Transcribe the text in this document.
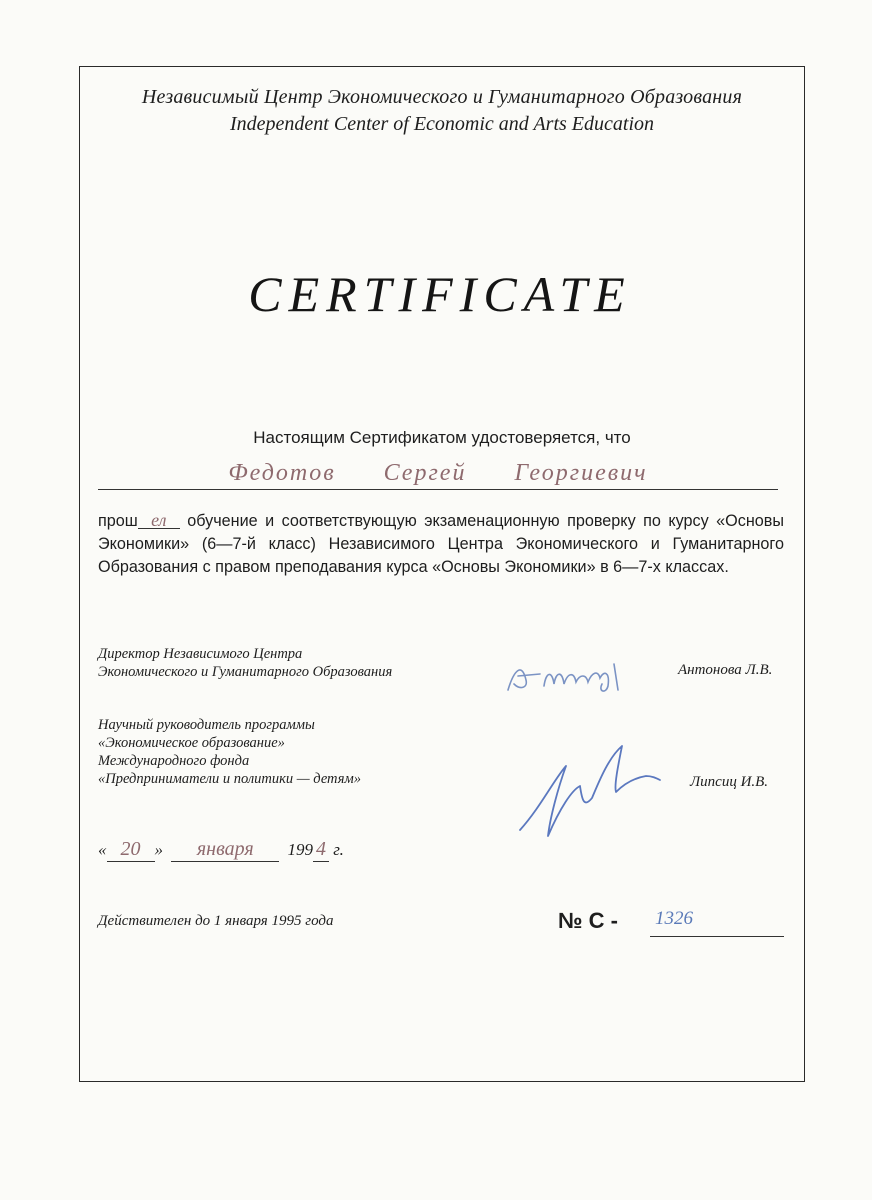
Независимый Центр Экономического и Гуманитарного Образования
Independent Center of Economic and Arts Education
CERTIFICATE
Настоящим Сертификатом удостоверяется, что
Федотов Сергей Георгиевич
прош ел обучение и соответствующую экзаменационную проверку по курсу «Основы Экономики» (6—7-й класс) Независимого Центра Экономического и Гуманитарного Образования с правом преподавания курса «Основы Экономики» в 6—7-х классах.
Директор Независимого Центра
Экономического и Гуманитарного Образования	Антонова Л.В.
Научный руководитель программы
«Экономическое образование»
Международного фонда
«Предприниматели и политики — детям»	Липсиц И.В.
« 20 » января 199 4 г.
Действителен до 1 января 1995 года	№ С - 1326
